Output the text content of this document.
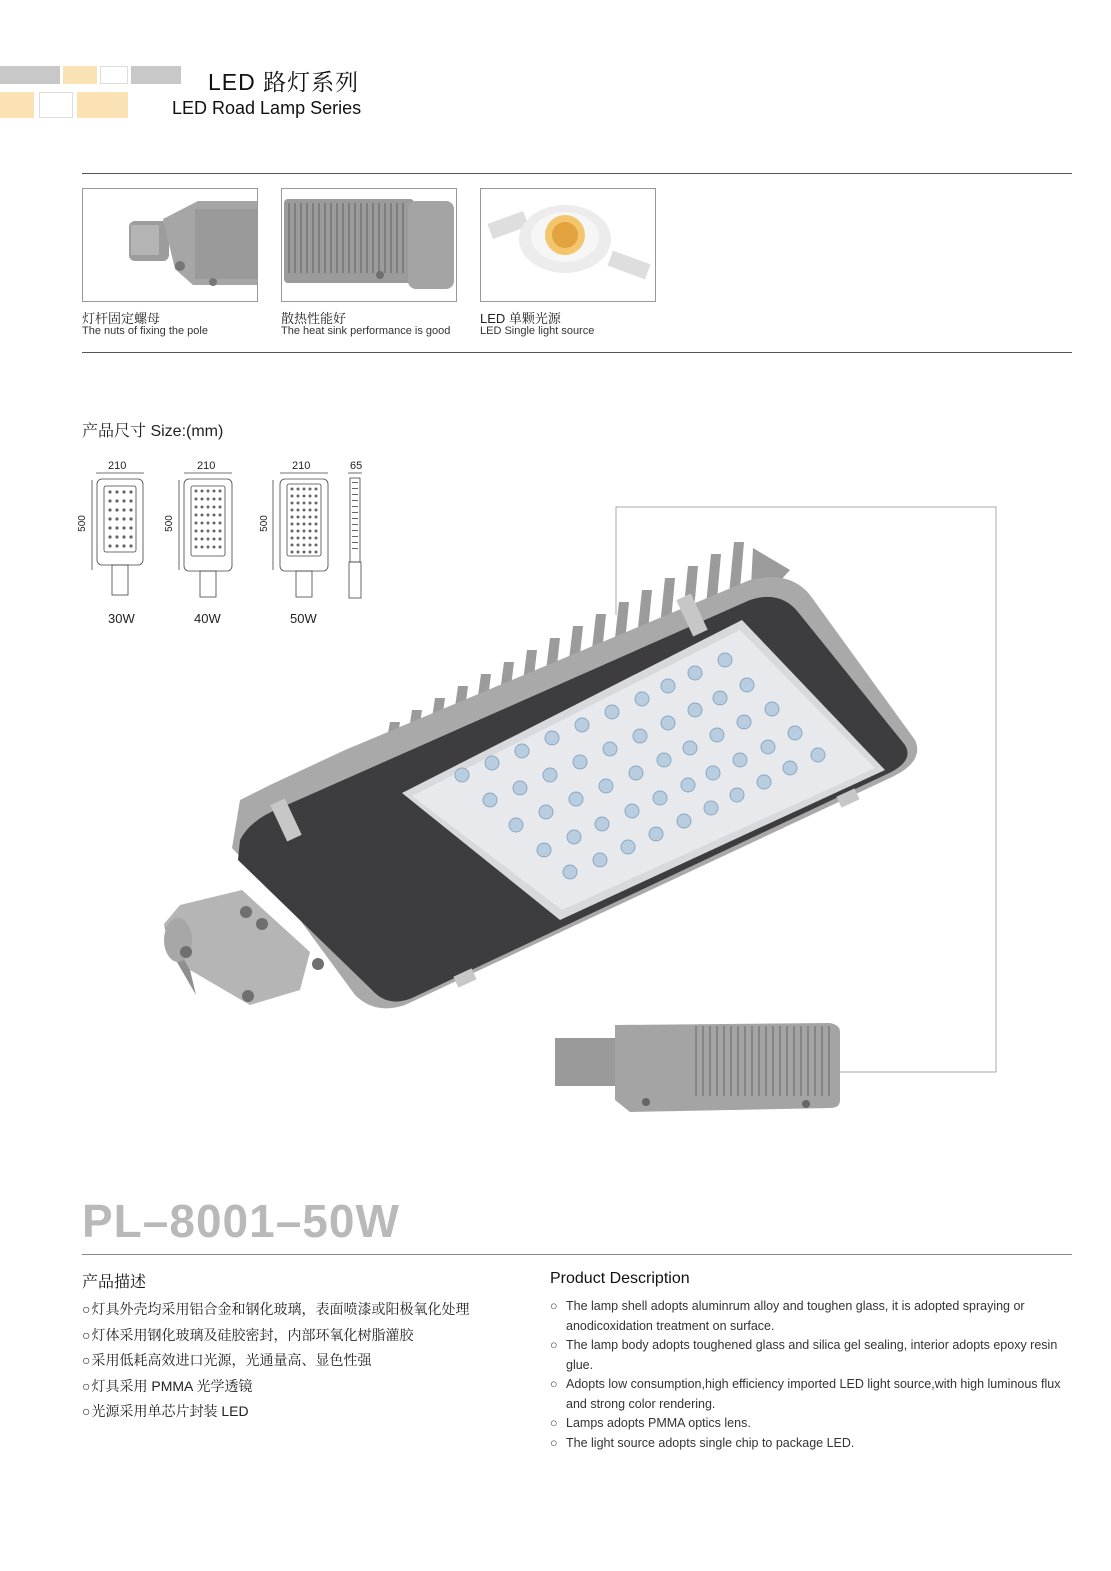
LED 路灯系列
LED Road Lamp Series
灯杆固定螺母
The nuts of fixing the pole
散热性能好
The heat sink performance is good
LED 单颗光源
LED Single light source
产品尺寸 Size:(mm)
210	210	210	65
500	500	500
30W	40W	50W
PL–8001–50W
产品描述	Product Description
○ 灯具外壳均采用铝合金和钢化玻璃，表面喷漆或阳极氧化处理
○ 灯体采用钢化玻璃及硅胶密封，内部环氧化树脂灌胶
○ 采用低耗高效进口光源，光通量高、显色性强
○ 灯具采用 PMMA 光学透镜
○ 光源采用单芯片封装 LED
○ The lamp shell adopts aluminrum alloy and toughen glass, it is adopted spraying or anodicoxidation treatment on surface.
○ The lamp body adopts toughened glass and silica gel sealing, interior adopts epoxy resin glue.
○ Adopts low consumption,high efficiency imported LED light source,with high luminous flux and strong color rendering.
○ Lamps adopts PMMA optics lens.
○ The light source adopts single chip to package LED.
